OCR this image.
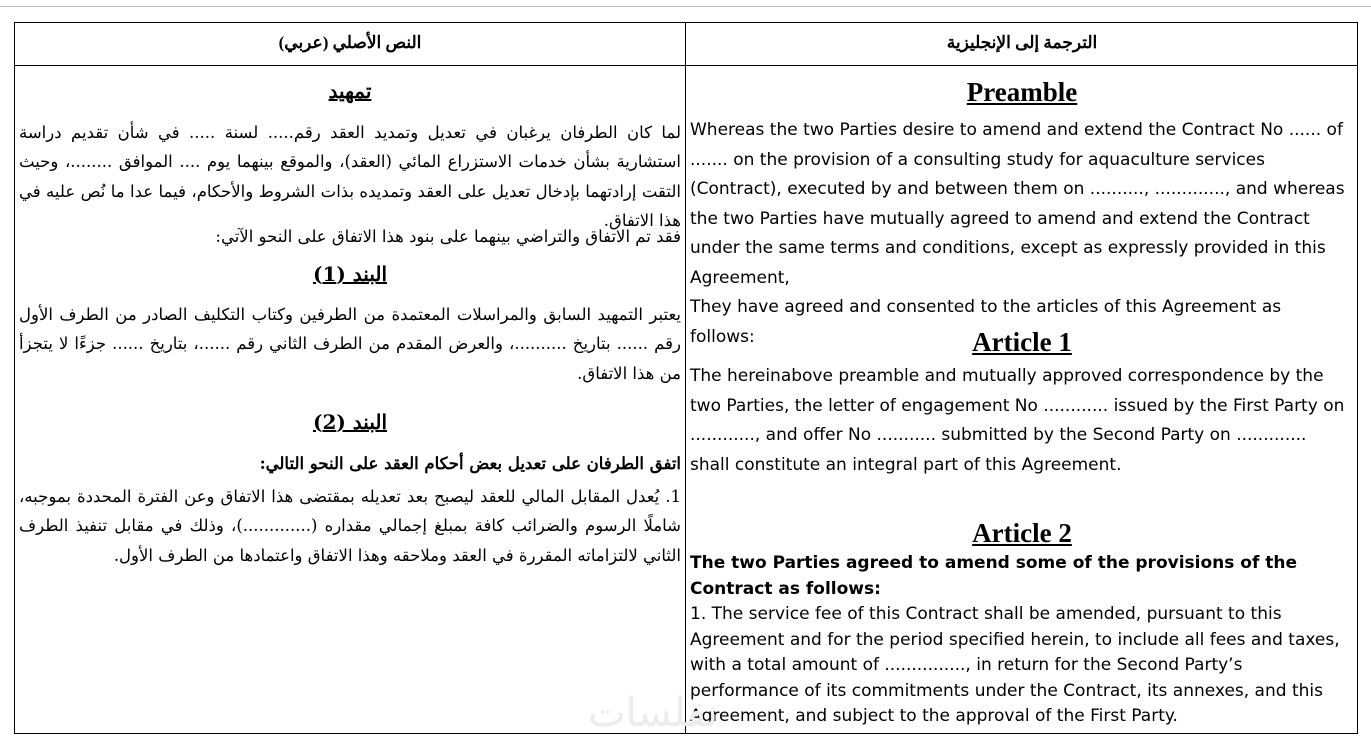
النص الأصلي (عربي)	الترجمة إلى الإنجليزية
تمهيد
لما كان الطرفان يرغبان في تعديل وتمديد العقد رقم..... لسنة ..... في شأن تقديم دراسة استشارية بشأن خدمات الاستزراع المائي (العقد)، والموقع بينهما يوم .... الموافق ........، وحيث التقت إرادتهما بإدخال تعديل على العقد وتمديده بذات الشروط والأحكام، فيما عدا ما نُص عليه في هذا الاتفاق.
فقد تم الاتفاق والتراضي بينهما على بنود هذا الاتفاق على النحو الآتي:
البند (1)
يعتبر التمهيد السابق والمراسلات المعتمدة من الطرفين وكتاب التكليف الصادر من الطرف الأول رقم ...... بتاريخ ..........، والعرض المقدم من الطرف الثاني رقم ......، بتاريخ ...... جزءًا لا يتجزأ من هذا الاتفاق.
البند (2)
اتفق الطرفان على تعديل بعض أحكام العقد على النحو التالي:
1. يُعدل المقابل المالي للعقد ليصبح بعد تعديله بمقتضى هذا الاتفاق وعن الفترة المحددة بموجبه، شاملًا الرسوم والضرائب كافة بمبلغ إجمالي مقداره (.............)، وذلك في مقابل تنفيذ الطرف الثاني لالتزاماته المقررة في العقد وملاحقه وهذا الاتفاق واعتمادها من الطرف الأول.
Preamble
Whereas the two Parties desire to amend and extend the Contract No ...... of ....... on the provision of a consulting study for aquaculture services (Contract), executed by and between them on .........., ............., and whereas the two Parties have mutually agreed to amend and extend the Contract under the same terms and conditions, except as expressly provided in this Agreement,
They have agreed and consented to the articles of this Agreement as follows:	Article 1
The hereinabove preamble and mutually approved correspondence by the two Parties, the letter of engagement No ............ issued by the First Party on ............, and offer No ........... submitted by the Second Party on ............. shall constitute an integral part of this Agreement.
Article 2
The two Parties agreed to amend some of the provisions of the Contract as follows:
1. The service fee of this Contract shall be amended, pursuant to this Agreement and for the period specified herein, to include all fees and taxes, with a total amount of ..............., in return for the Second Party’s performance of its commitments under the Contract, its annexes, and this Agreement, and subject to the approval of the First Party.
نقلسات
